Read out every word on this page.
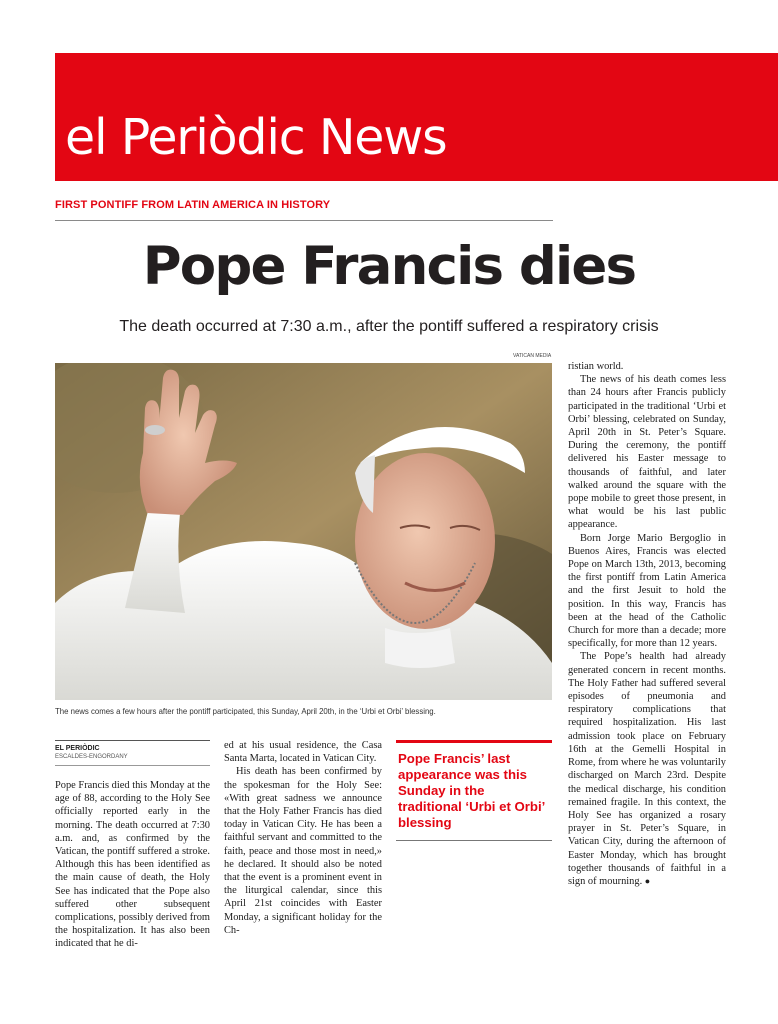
el Periòdic News
FIRST PONTIFF FROM LATIN AMERICA IN HISTORY
Pope Francis dies

The death occurred at 7:30 a.m., after the pontiff suffered a respiratory crisis

VATICAN MEDIA
The news comes a few hours after the pontiff participated, this Sunday, April 20th, in the ‘Urbi et Orbi’ blessing.
EL PERIÒDIC
ESCALDES-ENGORDANY

Pope Francis died this Monday at the age of 88, according to the Holy See officially reported early in the morning. The death occurred at 7:30 a.m. and, as confirmed by the Vatican, the pontiff suffered a stroke. Although this has been identified as the main cause of death, the Holy See has indicated that the Pope also suffered other subsequent complications, possibly derived from the hospitalization. It has also been indicated that he di-

ed at his usual residence, the Casa Santa Marta, located in Vatican City.

His death has been confirmed by the spokesman for the Holy See: «With great sadness we announce that the Holy Father Francis has died today in Vatican City. He has been a faithful servant and committed to the faith, peace and those most in need,» he declared. It should also be noted that the event is a prominent event in the liturgical calendar, since this April 21st coincides with Easter Monday, a significant holiday for the Ch-

Pope Francis’ last appearance was this Sunday in the traditional ‘Urbi et Orbi’ blessing

ristian world.

The news of his death comes less than 24 hours after Francis publicly participated in the traditional ‘Urbi et Orbi’ blessing, celebrated on Sunday, April 20th in St. Peter’s Square. During the ceremony, the pontiff delivered his Easter message to thousands of faithful, and later walked around the square with the pope mobile to greet those present, in what would be his last public appearance.

Born Jorge Mario Bergoglio in Buenos Aires, Francis was elected Pope on March 13th, 2013, becoming the first pontiff from Latin America and the first Jesuit to hold the position. In this way, Francis has been at the head of the Catholic Church for more than a decade; more specifically, for more than 12 years.

The Pope’s health had already generated concern in recent months. The Holy Father had suffered several episodes of pneumonia and respiratory complications that required hospitalization. His last admission took place on February 16th at the Gemelli Hospital in Rome, from where he was voluntarily discharged on March 23rd. Despite the medical discharge, his condition remained fragile. In this context, the Holy See has organized a rosary prayer in St. Peter’s Square, in Vatican City, during the afternoon of Easter Monday, which has brought together thousands of faithful in a sign of mourning. ●
